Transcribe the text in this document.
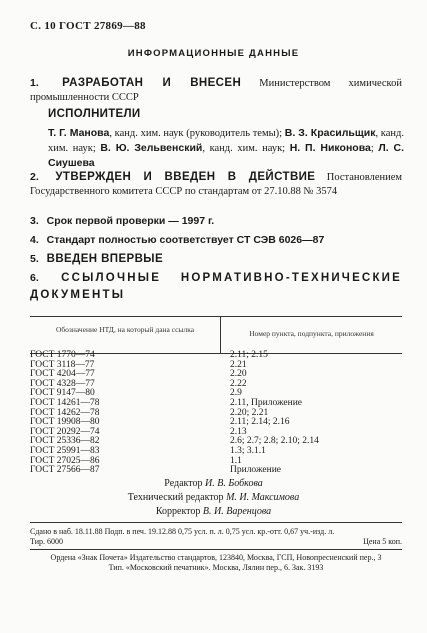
С. 10 ГОСТ 27869—88
ИНФОРМАЦИОННЫЕ ДАННЫЕ
1. РАЗРАБОТАН И ВНЕСЕН Министерством химической промышленности СССР
ИСПОЛНИТЕЛИ
Т. Г. Манова, канд. хим. наук (руководитель темы); В. З. Красильщик, канд. хим. наук; В. Ю. Зельвенский, канд. хим. наук; Н. П. Никонова; Л. С. Сиушева
2. УТВЕРЖДЕН И ВВЕДЕН В ДЕЙСТВИЕ Постановлением Государственного комитета СССР по стандартам от 27.10.88 № 3574
3. Срок первой проверки — 1997 г.
4. Стандарт полностью соответствует СТ СЭВ 6026—87
5. ВВЕДЕН ВПЕРВЫЕ
6. ССЫЛОЧНЫЕ НОРМАТИВНО-ТЕХНИЧЕСКИЕ ДОКУМЕНТЫ
Обозначение НТД, на который дана ссылка	Номер пункта, подпункта, приложения
ГОСТ 1770—74	2.11; 2.15
ГОСТ 3118—77	2.21
ГОСТ 4204—77	2.20
ГОСТ 4328—77	2.22
ГОСТ 9147—80	2.9
ГОСТ 14261—78	2.11, Приложение
ГОСТ 14262—78	2.20; 2.21
ГОСТ 19908—80	2.11; 2.14; 2.16
ГОСТ 20292—74	2.13
ГОСТ 25336—82	2.6; 2.7; 2.8; 2.10; 2.14
ГОСТ 25991—83	1.3; 3.1.1
ГОСТ 27025—86	1.1
ГОСТ 27566—87	Приложение
Редактор И. В. Бобкова
Технический редактор М. И. Максимова
Корректор В. И. Варенцова
Сдано в наб. 18.11.88 Подп. в печ. 19.12.88 0,75 усл. п. л. 0,75 усл. кр.-отт. 0,67 уч.-изд. л.
Тир. 6000	Цена 5 коп.
Ордена «Знак Почета» Издательство стандартов, 123840, Москва, ГСП, Новопресненский пер., 3
Тип. «Московский печатник». Москва, Лялин пер., 6. Зак. 3193
